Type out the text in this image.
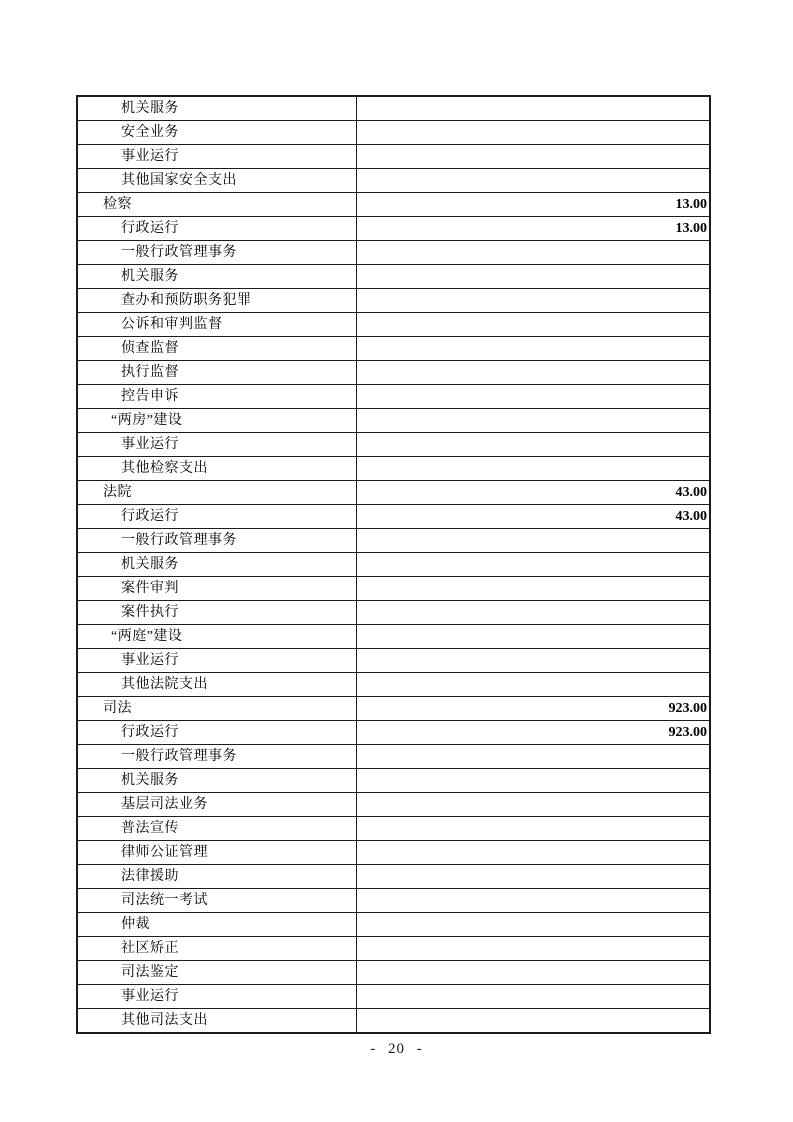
机关服务	
安全业务	
事业运行	
其他国家安全支出	
检察	13.00
行政运行	13.00
一般行政管理事务	
机关服务	
查办和预防职务犯罪	
公诉和审判监督	
侦查监督	
执行监督	
控告申诉	
“两房”建设	
事业运行	
其他检察支出	
法院	43.00
行政运行	43.00
一般行政管理事务	
机关服务	
案件审判	
案件执行	
“两庭”建设	
事业运行	
其他法院支出	
司法	923.00
行政运行	923.00
一般行政管理事务	
机关服务	
基层司法业务	
普法宣传	
律师公证管理	
法律援助	
司法统一考试	
仲裁	
社区矫正	
司法鉴定	
事业运行	
其他司法支出	
- 20 -
